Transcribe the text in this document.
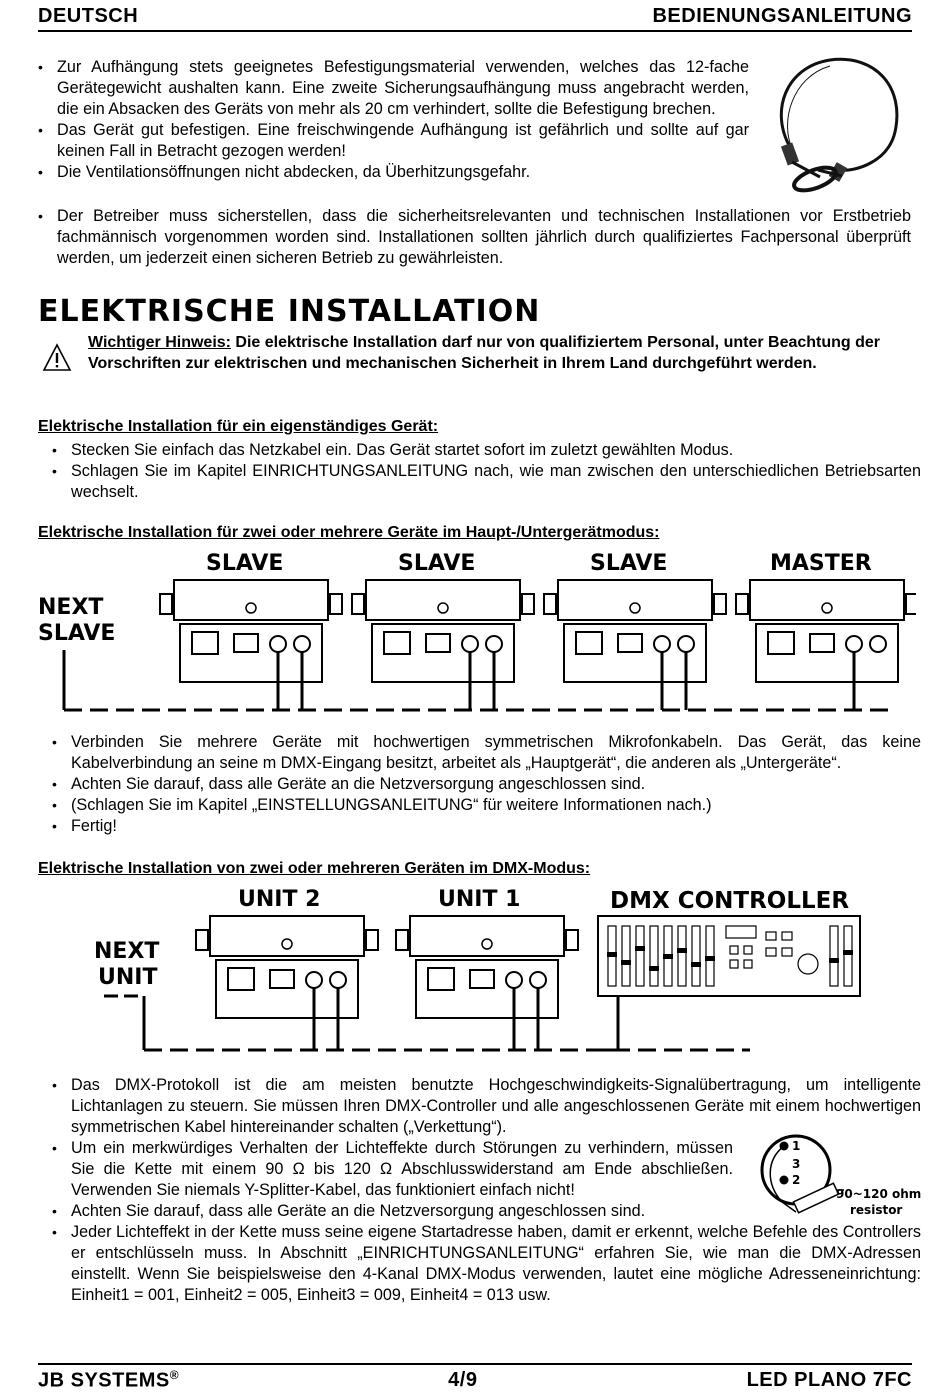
DEUTSCH	BEDIENUNGSANLEITUNG
• Zur Aufhängung stets geeignetes Befestigungsmaterial verwenden, welches das 12-fache Gerätegewicht aushalten kann. Eine zweite Sicherungsaufhängung muss angebracht werden, die ein Absacken des Geräts von mehr als 20 cm verhindert, sollte die Befestigung brechen.
• Das Gerät gut befestigen. Eine freischwingende Aufhängung ist gefährlich und sollte auf gar keinen Fall in Betracht gezogen werden!
• Die Ventilationsöffnungen nicht abdecken, da Überhitzungsgefahr.
• Der Betreiber muss sicherstellen, dass die sicherheitsrelevanten und technischen Installationen vor Erstbetrieb fachmännisch vorgenommen worden sind. Installationen sollten jährlich durch qualifiziertes Fachpersonal überprüft werden, um jederzeit einen sicheren Betrieb zu gewährleisten.
ELEKTRISCHE INSTALLATION
Wichtiger Hinweis: Die elektrische Installation darf nur von qualifiziertem Personal, unter Beachtung der Vorschriften zur elektrischen und mechanischen Sicherheit in Ihrem Land durchgeführt werden.
Elektrische Installation für ein eigenständiges Gerät:
• Stecken Sie einfach das Netzkabel ein. Das Gerät startet sofort im zuletzt gewählten Modus.
• Schlagen Sie im Kapitel EINRICHTUNGSANLEITUNG nach, wie man zwischen den unterschiedlichen Betriebsarten wechselt.
Elektrische Installation für zwei oder mehrere Geräte im Haupt-/Untergerätmodus:
NEXT
SLAVE
SLAVE	SLAVE	SLAVE	MASTER
• Verbinden Sie mehrere Geräte mit hochwertigen symmetrischen Mikrofonkabeln. Das Gerät, das keine Kabelverbindung an seine m DMX-Eingang besitzt, arbeitet als „Hauptgerät“, die anderen als „Untergeräte“.
• Achten Sie darauf, dass alle Geräte an die Netzversorgung angeschlossen sind.
• (Schlagen Sie im Kapitel „EINSTELLUNGSANLEITUNG“ für weitere Informationen nach.)
• Fertig!
Elektrische Installation von zwei oder mehreren Geräten im DMX-Modus:
NEXT
UNIT
UNIT 2	UNIT 1	DMX CONTROLLER
1
3
2
90~120 ohm
resistor
• Das DMX-Protokoll ist die am meisten benutzte Hochgeschwindigkeits-Signalübertragung, um intelligente Lichtanlagen zu steuern. Sie müssen Ihren DMX-Controller und alle angeschlossenen Geräte mit einem hochwertigen symmetrischen Kabel hintereinander schalten („Verkettung“).
• Um ein merkwürdiges Verhalten der Lichteffekte durch Störungen zu verhindern, müssen Sie die Kette mit einem 90 Ω bis 120 Ω Abschlusswiderstand am Ende abschließen. Verwenden Sie niemals Y-Splitter-Kabel, das funktioniert einfach nicht!
• Achten Sie darauf, dass alle Geräte an die Netzversorgung angeschlossen sind.
• Jeder Lichteffekt in der Kette muss seine eigene Startadresse haben, damit er erkennt, welche Befehle des Controllers er entschlüsseln muss. In Abschnitt „EINRICHTUNGSANLEITUNG“ erfahren Sie, wie man die DMX-Adressen einstellt. Wenn Sie beispielsweise den 4-Kanal DMX-Modus verwenden, lautet eine mögliche Adresseneinrichtung: Einheit1 = 001, Einheit2 = 005, Einheit3 = 009, Einheit4 = 013 usw.
JB SYSTEMS®	4/9	LED PLANO 7FC
